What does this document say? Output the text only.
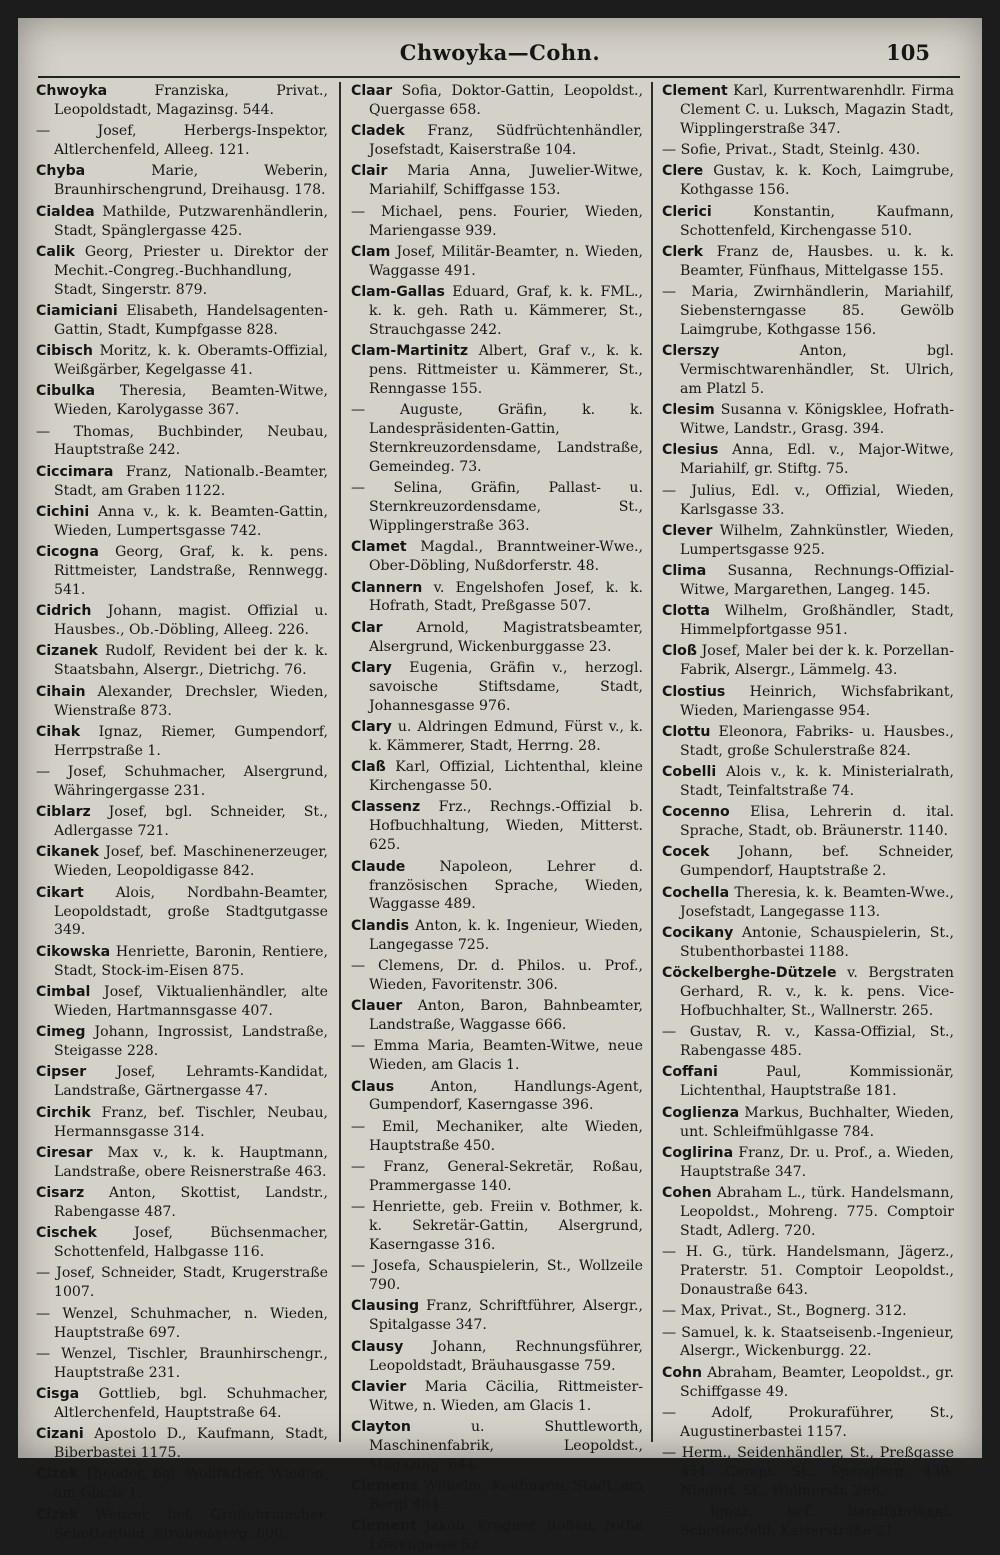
Chwoyka—Cohn.	105

Chwoyka	Franziska, Privat., Leopoldstadt, Magazinsg. 544.

— Josef, Herbergs-Inspektor, Altlerchenfeld, Alleeg. 121.

Chyba	Marie, Weberin, Braunhirschengrund, Dreihausg. 178.

Cialdea Mathilde, Putzwarenhändlerin, Stadt, Spänglergasse 425.

Calik Georg, Priester u. Direktor der Mechit.-Congreg.-Buchhandlung, Stadt, Singerstr. 879.

Ciamiciani Elisabeth, Handelsagenten-Gattin, Stadt, Kumpfgasse 828.

Cibisch Moritz, k. k. Oberamts-Offizial, Weißgärber, Kegelgasse 41.

Cibulka Theresia, Beamten-Witwe, Wieden, Karolygasse 367.

— Thomas, Buchbinder, Neubau, Hauptstraße 242.

Ciccimara Franz, Nationalb.-Beamter, Stadt, am Graben 1122.

Cichini Anna v., k. k. Beamten-Gattin, Wieden, Lumpertsgasse 742.

Cicogna Georg, Graf, k. k. pens. Rittmeister, Landstraße, Rennwegg. 541.

Cidrich Johann, magist. Offizial u. Hausbes., Ob.-Döbling, Alleeg. 226.

Cizanek Rudolf, Revident bei der k. k. Staatsbahn, Alsergr., Dietrichg. 76.

Cihain Alexander, Drechsler, Wieden, Wienstraße 873.

Cihak Ignaz, Riemer, Gumpendorf, Herrpstraße 1.

— Josef, Schuhmacher, Alsergrund, Währingergasse 231.

Ciblarz Josef, bgl. Schneider, St., Adlergasse 721.

Cikanek Josef, bef. Maschinenerzeuger, Wieden, Leopoldigasse 842.

Cikart Alois, Nordbahn-Beamter, Leopoldstadt, große Stadtgutgasse 349.

Cikowska Henriette, Baronin, Rentiere, Stadt, Stock-im-Eisen 875.

Cimbal Josef, Viktualienhändler, alte Wieden, Hartmannsgasse 407.

Cimeg Johann, Ingrossist, Landstraße, Steigasse 228.

Cipser Josef, Lehramts-Kandidat, Landstraße, Gärtnergasse 47.

Circhik Franz, bef. Tischler, Neubau, Hermannsgasse 314.

Ciresar Max v., k. k. Hauptmann, Landstraße, obere Reisnerstraße 463.

Cisarz Anton, Skottist, Landstr., Rabengasse 487.

Cischek	Josef, Büchsenmacher, Schottenfeld, Halbgasse 116.

— Josef, Schneider, Stadt, Krugerstraße 1007.

— Wenzel, Schuhmacher, n. Wieden, Hauptstraße 697.

— Wenzel, Tischler, Braunhirschengr., Hauptstraße 231.

Cisga Gottlieb, bgl. Schuhmacher, Altlerchenfeld, Hauptstraße 64.

Cizani Apostolo D., Kaufmann, Stadt, Biberbastei 1175.

Cizek Theodor, bgl. Wollfärber, Wieden, am Glacis 1.

Cizek Wenzel, bef. Großuhrmacher, Schottenfeld, Strohmayerg. 600.

Claar Sofia, Doktor-Gattin, Leopoldst., Quergasse 658.

Cladek Franz, Südfrüchtenhändler, Josefstadt, Kaiserstraße 104.

Clair Maria Anna, Juwelier-Witwe, Mariahilf, Schiffgasse 153.

— Michael, pens. Fourier, Wieden, Mariengasse 939.

Clam Josef, Militär-Beamter, n. Wieden, Waggasse 491.

Clam-Gallas Eduard, Graf, k. k. FML., k. k. geh. Rath u. Kämmerer, St., Strauchgasse 242.

Clam-Martinitz Albert, Graf v., k. k. pens. Rittmeister u. Kämmerer, St., Renngasse 155.

— Auguste, Gräfin, k. k. Landespräsidenten-Gattin, Sternkreuzordensdame, Landstraße, Gemeindeg. 73.

— Selina, Gräfin, Pallast- u. Sternkreuzordensdame, St., Wipplingerstraße 363.

Clamet Magdal., Branntweiner-Wwe., Ober-Döbling, Nußdorferstr. 48.

Clannern v. Engelshofen Josef, k. k. Hofrath, Stadt, Preßgasse 507.

Clar Arnold, Magistratsbeamter, Alsergrund, Wickenburggasse 23.

Clary Eugenia, Gräfin v., herzogl. savoische Stiftsdame, Stadt, Johannesgasse 976.

Clary u. Aldringen Edmund, Fürst v., k. k. Kämmerer, Stadt, Herrng. 28.

Claß Karl, Offizial, Lichtenthal, kleine Kirchengasse 50.

Classenz Frz., Rechngs.-Offizial b. Hofbuchhaltung, Wieden, Mitterst. 625.

Claude Napoleon, Lehrer d. französischen Sprache, Wieden, Waggasse 489.

Clandis Anton, k. k. Ingenieur, Wieden, Langegasse 725.

— Clemens, Dr. d. Philos. u. Prof., Wieden, Favoritenstr. 306.

Clauer Anton, Baron, Bahnbeamter, Landstraße, Waggasse 666.

— Emma Maria, Beamten-Witwe, neue Wieden, am Glacis 1.

Claus	Anton, Handlungs-Agent, Gumpendorf, Kaserngasse 396.

— Emil, Mechaniker, alte Wieden, Hauptstraße 450.

— Franz, General-Sekretär, Roßau, Prammergasse 140.

— Henriette, geb. Freiin v. Bothmer, k. k. Sekretär-Gattin, Alsergrund, Kaserngasse 316.

— Josefa, Schauspielerin, St., Wollzeile 790.

Clausing Franz, Schriftführer, Alsergr., Spitalgasse 347.

Clausy Johann, Rechnungsführer, Leopoldstadt, Bräuhausgasse 759.

Clavier Maria Cäcilia, Rittmeister-Witwe, n. Wieden, am Glacis 1.

Clayton	u. Shuttleworth, Maschinenfabrik, Leopoldst., Magazing. 644.

Clemens Wilhelm, Kaufmann, Stadt, am Bergl 484.

Clement Jakob, Fragner, Roßau, rothe Löwengasse 52.

Clement Karl, Kurrentwarenhdlr. Firma Clement C. u. Luksch, Magazin Stadt, Wipplingerstraße 347.

— Sofie, Privat., Stadt, Steinlg. 430.

Clere Gustav, k. k. Koch, Laimgrube, Kothgasse 156.

Clerici	Konstantin, Kaufmann, Schottenfeld, Kirchengasse 510.

Clerk Franz de, Hausbes. u. k. k. Beamter, Fünfhaus, Mittelgasse 155.

— Maria, Zwirnhändlerin, Mariahilf, Siebensterngasse 85. Gewölb Laimgrube, Kothgasse 156.

Clerszy	Anton, bgl. Vermischtwarenhändler, St. Ulrich, am Platzl 5.

Clesim Susanna v. Königsklee, Hofrath-Witwe, Landstr., Grasg. 394.

Clesius Anna, Edl. v., Major-Witwe, Mariahilf, gr. Stiftg. 75.

— Julius, Edl. v., Offizial, Wieden, Karlsgasse 33.

Clever Wilhelm, Zahnkünstler, Wieden, Lumpertsgasse 925.

Clima Susanna, Rechnungs-Offizial-Witwe, Margarethen, Langeg. 145.

Clotta Wilhelm, Großhändler, Stadt, Himmelpfortgasse 951.

Cloß Josef, Maler bei der k. k. Porzellan-Fabrik, Alsergr., Lämmelg. 43.

Clostius Heinrich, Wichsfabrikant, Wieden, Mariengasse 954.

Clottu Eleonora, Fabriks- u. Hausbes., Stadt, große Schulerstraße 824.

Cobelli Alois v., k. k. Ministerialrath, Stadt, Teinfaltstraße 74.

Cocenno Elisa, Lehrerin d. ital. Sprache, Stadt, ob. Bräunerstr. 1140.

Cocek Johann, bef. Schneider, Gumpendorf, Hauptstraße 2.

Cochella Theresia, k. k. Beamten-Wwe., Josefstadt, Langegasse 113.

Cocikany Antonie, Schauspielerin, St., Stubenthorbastei 1188.

Cöckelberghe-Dützele v. Bergstraten Gerhard, R. v., k. k. pens. Vice-Hofbuchhalter, St., Wallnerstr. 265.

— Gustav, R. v., Kassa-Offizial, St., Rabengasse 485.

Coffani	Paul, Kommissionär, Lichtenthal, Hauptstraße 181.

Coglienza Markus, Buchhalter, Wieden, unt. Schleifmühlgasse 784.

Coglirina Franz, Dr. u. Prof., a. Wieden, Hauptstraße 347.

Cohen Abraham L., türk. Handelsmann, Leopoldst., Mohreng. 775. Comptoir Stadt, Adlerg. 720.

— H. G., türk. Handelsmann, Jägerz., Praterstr. 51. Comptoir Leopoldst., Donaustraße 643.

— Max, Privat., St., Bognerg. 312.

— Samuel, k. k. Staatseisenb.-Ingenieur, Alsergr., Wickenburgg. 22.

Cohn Abraham, Beamter, Leopoldst., gr. Schiffgasse 49.

— Adolf, Prokuraführer, St., Augustinerbastei 1157.

— Herm., Seidenhändler, St., Preßgasse 454. Compt. St., Spenglerg. 430. Niederl. St., Wallnerstr. 266.

— Ignaz, bef. Bandfabrikant, Schottenfeld, Kaiserstraße 21.
